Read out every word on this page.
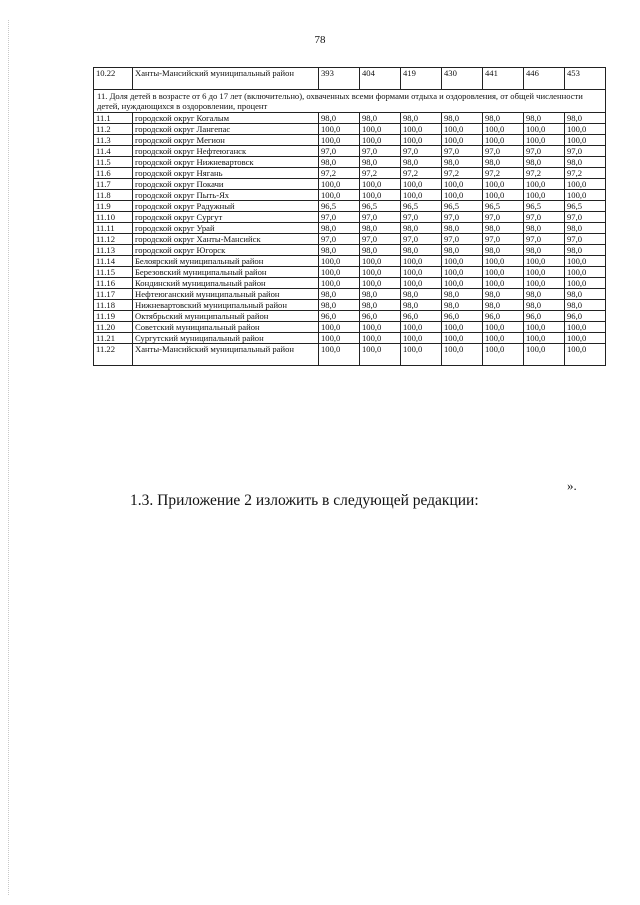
78
10.22	Ханты-Мансийский муниципальный район	393	404	419	430	441	446	453
11. Доля детей в возрасте от 6 до 17 лет (включительно), охваченных всеми формами отдыха и оздоровления, от общей численности детей, нуждающихся в оздоровлении, процент								
11.1	городской округ Когалым	98,0	98,0	98,0	98,0	98,0	98,0	98,0
11.2	городской округ Лангепас	100,0	100,0	100,0	100,0	100,0	100,0	100,0
11.3	городской округ Мегион	100,0	100,0	100,0	100,0	100,0	100,0	100,0
11.4	городской округ Нефтеюганск	97,0	97,0	97,0	97,0	97,0	97,0	97,0
11.5	городской округ Нижневартовск	98,0	98,0	98,0	98,0	98,0	98,0	98,0
11.6	городской округ Нягань	97,2	97,2	97,2	97,2	97,2	97,2	97,2
11.7	городской округ Покачи	100,0	100,0	100,0	100,0	100,0	100,0	100,0
11.8	городской округ Пыть-Ях	100,0	100,0	100,0	100,0	100,0	100,0	100,0
11.9	городской округ Радужный	96,5	96,5	96,5	96,5	96,5	96,5	96,5
11.10	городской округ Сургут	97,0	97,0	97,0	97,0	97,0	97,0	97,0
11.11	городской округ Урай	98,0	98,0	98,0	98,0	98,0	98,0	98,0
11.12	городской округ Ханты-Мансийск	97,0	97,0	97,0	97,0	97,0	97,0	97,0
11.13	городской округ Югорск	98,0	98,0	98,0	98,0	98,0	98,0	98,0
11.14	Белоярский муниципальный район	100,0	100,0	100,0	100,0	100,0	100,0	100,0
11.15	Березовский муниципальный район	100,0	100,0	100,0	100,0	100,0	100,0	100,0
11.16	Кондинский муниципальный район	100,0	100,0	100,0	100,0	100,0	100,0	100,0
11.17	Нефтеюганский муниципальный район	98,0	98,0	98,0	98,0	98,0	98,0	98,0
11.18	Нижневартовский муниципальный район	98,0	98,0	98,0	98,0	98,0	98,0	98,0
11.19	Октябрьский муниципальный район	96,0	96,0	96,0	96,0	96,0	96,0	96,0
11.20	Советский муниципальный район	100,0	100,0	100,0	100,0	100,0	100,0	100,0
11.21	Сургутский муниципальный район	100,0	100,0	100,0	100,0	100,0	100,0	100,0
11.22	Ханты-Мансийский муниципальный район	100,0	100,0	100,0	100,0	100,0	100,0	100,0
».
1.3. Приложение 2 изложить в следующей редакции:
